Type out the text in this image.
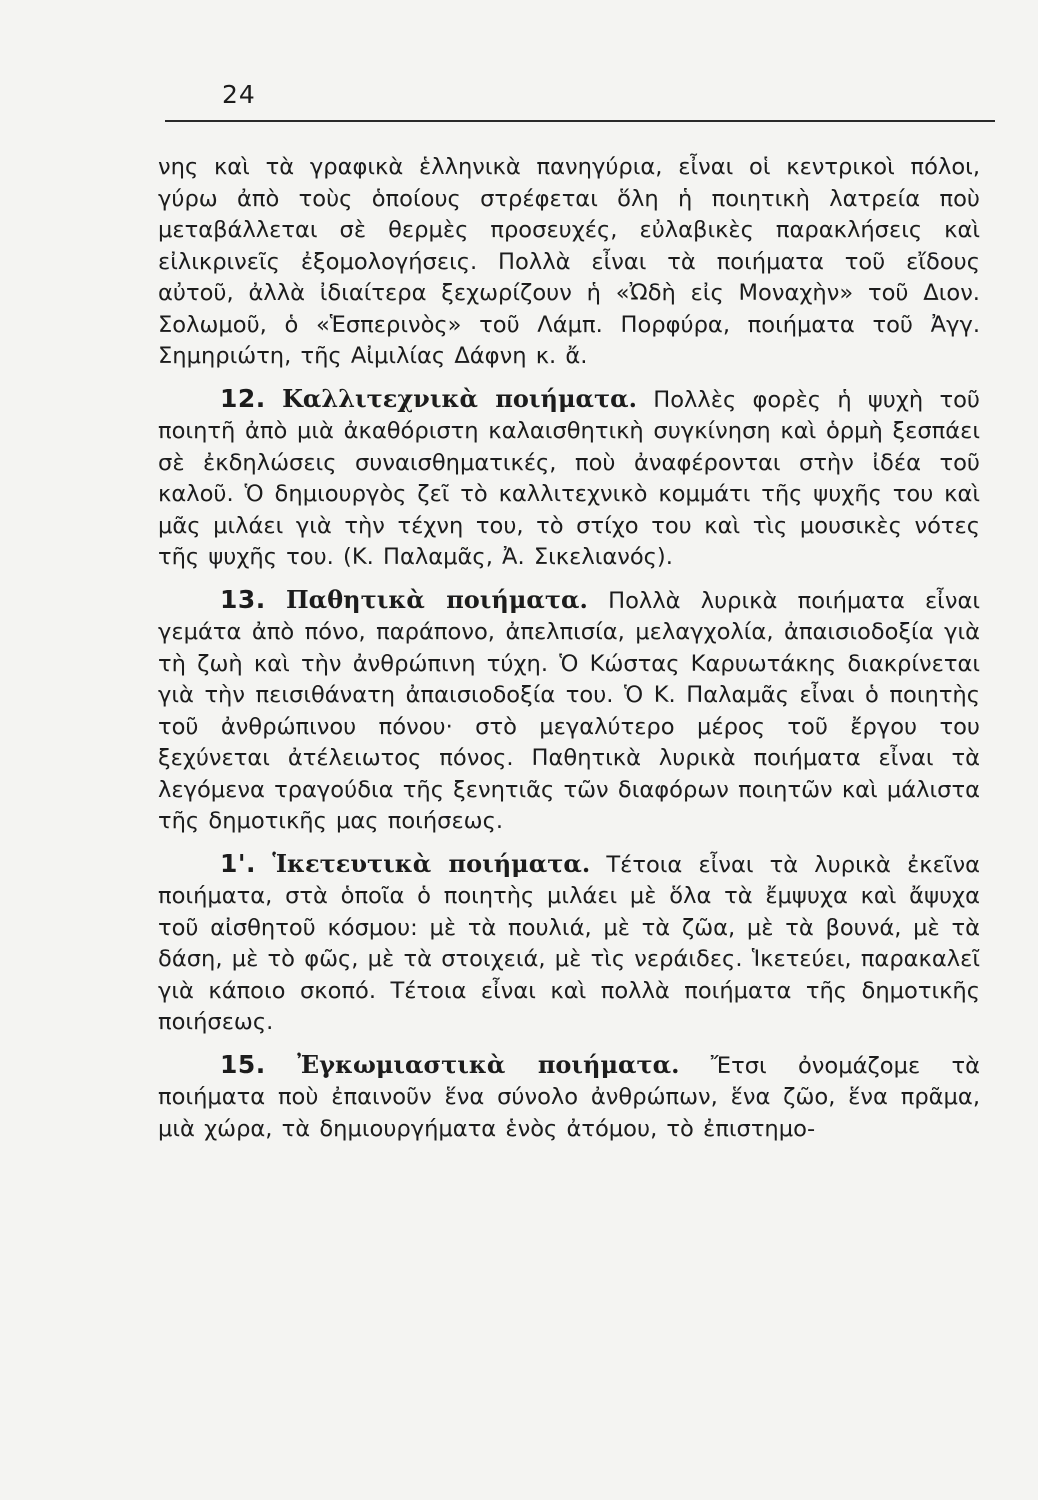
24

νης καὶ τὰ γραφικὰ ἑλληνικὰ πανηγύρια, εἶναι οἱ κεντρικοὶ πόλοι, γύρω ἀπὸ τοὺς ὁποίους στρέφεται ὅλη ἡ ποιητικὴ λατρεία ποὺ μεταβάλλεται σὲ θερμὲς προσευχές, εὐλαβικὲς παρακλήσεις καὶ εἰλικρινεῖς ἐξομολογήσεις. Πολλὰ εἶναι τὰ ποιήματα τοῦ εἴδους αὐτοῦ, ἀλλὰ ἰδιαίτερα ξεχωρίζουν ἡ «Ὠδὴ εἰς Μοναχὴν» τοῦ Διον. Σολωμοῦ, ὁ «Ἑσπερινὸς» τοῦ Λάμπ. Πορφύρα, ποιήματα τοῦ Ἀγγ. Σημηριώτη, τῆς Αἰμιλίας Δάφνη κ. ἄ.

12. Καλλιτεχνικὰ ποιήματα. Πολλὲς φορὲς ἡ ψυχὴ τοῦ ποιητῆ ἀπὸ μιὰ ἀκαθόριστη καλαισθητικὴ συγκίνηση καὶ ὁρμὴ ξεσπάει σὲ ἐκδηλώσεις συναισθηματικές, ποὺ ἀναφέρονται στὴν ἰδέα τοῦ καλοῦ. Ὁ δημιουργὸς ζεῖ τὸ καλλιτεχνικὸ κομμάτι τῆς ψυχῆς του καὶ μᾶς μιλάει γιὰ τὴν τέχνη του, τὸ στίχο του καὶ τὶς μουσικὲς νότες τῆς ψυχῆς του. (Κ. Παλαμᾶς, Ἀ. Σικελιανός).

13. Παθητικὰ ποιήματα. Πολλὰ λυρικὰ ποιήματα εἶναι γεμάτα ἀπὸ πόνο, παράπονο, ἀπελπισία, μελαγχολία, ἀπαισιοδοξία γιὰ τὴ ζωὴ καὶ τὴν ἀνθρώπινη τύχη. Ὁ Κώστας Καρυωτάκης διακρίνεται γιὰ τὴν πεισιθάνατη ἀπαισιοδοξία του. Ὁ Κ. Παλαμᾶς εἶναι ὁ ποιητὴς τοῦ ἀνθρώπινου πόνου· στὸ μεγαλύτερο μέρος τοῦ ἔργου του ξεχύνεται ἀτέλειωτος πόνος. Παθητικὰ λυρικὰ ποιήματα εἶναι τὰ λεγόμενα τραγούδια τῆς ξενητιᾶς τῶν διαφόρων ποιητῶν καὶ μάλιστα τῆς δημοτικῆς μας ποιήσεως.

1'. Ἱκετευτικὰ ποιήματα. Τέτοια εἶναι τὰ λυρικὰ ἐκεῖνα ποιήματα, στὰ ὁποῖα ὁ ποιητὴς μιλάει μὲ ὅλα τὰ ἔμψυχα καὶ ἄψυχα τοῦ αἰσθητοῦ κόσμου: μὲ τὰ πουλιά, μὲ τὰ ζῶα, μὲ τὰ βουνά, μὲ τὰ δάση, μὲ τὸ φῶς, μὲ τὰ στοιχειά, μὲ τὶς νεράιδες. Ἱκετεύει, παρακαλεῖ γιὰ κάποιο σκοπό. Τέτοια εἶναι καὶ πολλὰ ποιήματα τῆς δημοτικῆς ποιήσεως.

15. Ἐγκωμιαστικὰ ποιήματα. Ἔτσι ὀνομάζομε τὰ ποιήματα ποὺ ἐπαινοῦν ἕνα σύνολο ἀνθρώπων, ἕνα ζῶο, ἕνα πρᾶμα, μιὰ χώρα, τὰ δημιουργήματα ἑνὸς ἀτόμου, τὸ ἐπιστημο-
